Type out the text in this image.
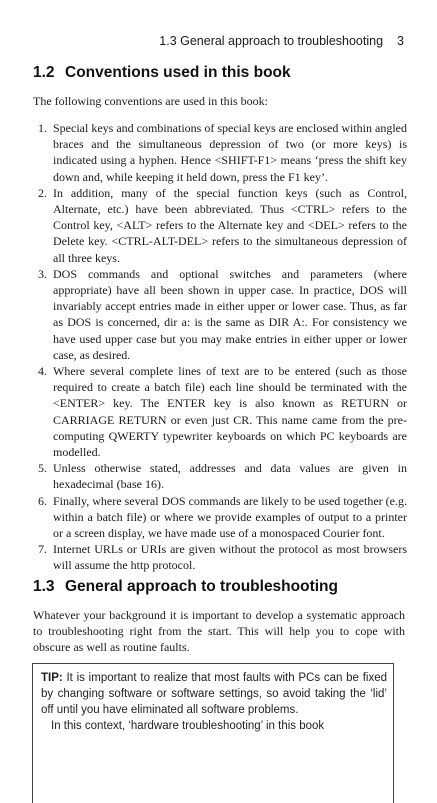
1.3 General approach to troubleshooting 3
1.2 Conventions used in this book

The following conventions are used in this book:

1. Special keys and combinations of special keys are enclosed within angled braces and the simultaneous depression of two (or more keys) is indicated using a hyphen. Hence <SHIFT-F1> means ‘press the shift key down and, while keeping it held down, press the F1 key’.
2. In addition, many of the special function keys (such as Control, Alternate, etc.) have been abbreviated. Thus <CTRL> refers to the Control key, <ALT> refers to the Alternate key and <DEL> refers to the Delete key. <CTRL-ALT-DEL> refers to the simultaneous depression of all three keys.
3. DOS commands and optional switches and parameters (where appropriate) have all been shown in upper case. In practice, DOS will invariably accept entries made in either upper or lower case. Thus, as far as DOS is concerned, dir a: is the same as DIR A:. For consistency we have used upper case but you may make entries in either upper or lower case, as desired.
4. Where several complete lines of text are to be entered (such as those required to create a batch file) each line should be terminated with the <ENTER> key. The ENTER key is also known as RETURN or CARRIAGE RETURN or even just CR. This name came from the pre-computing QWERTY typewriter keyboards on which PC keyboards are modelled.
5. Unless otherwise stated, addresses and data values are given in hexadecimal (base 16).
6. Finally, where several DOS commands are likely to be used together (e.g. within a batch file) or where we provide examples of output to a printer or a screen display, we have made use of a monospaced Courier font.
7. Internet URLs or URIs are given without the protocol as most browsers will assume the http protocol.
1.3 General approach to troubleshooting

Whatever your background it is important to develop a systematic approach to troubleshooting right from the start. This will help you to cope with obscure as well as routine faults.

TIP: It is important to realize that most faults with PCs can be fixed by changing software or software settings, so avoid taking the ‘lid’ off until you have eliminated all software problems.

In this context, ‘hardware troubleshooting’ in this book
